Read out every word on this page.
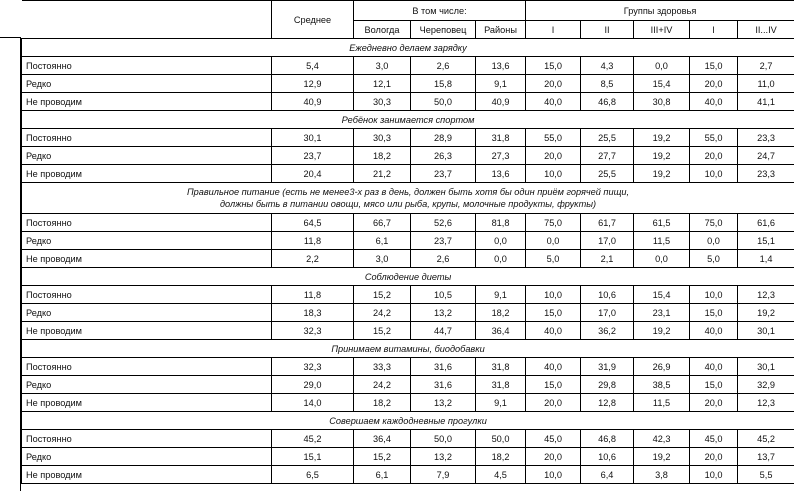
	Среднее	В том числе:			Группы здоровья				
		Вологда	Череповец	Районы	I	II	III+IV	I	II...IV
Ежедневно делаем зарядку									
Постоянно	5,4	3,0	2,6	13,6	15,0	4,3	0,0	15,0	2,7
Редко	12,9	12,1	15,8	9,1	20,0	8,5	15,4	20,0	11,0
Не проводим	40,9	30,3	50,0	40,9	40,0	46,8	30,8	40,0	41,1
Ребёнок занимается спортом									
Постоянно	30,1	30,3	28,9	31,8	55,0	25,5	19,2	55,0	23,3
Редко	23,7	18,2	26,3	27,3	20,0	27,7	19,2	20,0	24,7
Не проводим	20,4	21,2	23,7	13,6	10,0	25,5	19,2	10,0	23,3

Правильное питание (есть не менее3-х раз в день, должен быть хотя бы один приём горячей пищи,
должны быть в питании овощи, мясо или рыба, крупы, молочные продукты, фрукты)									

Постоянно	64,5	66,7	52,6	81,8	75,0	61,7	61,5	75,0	61,6
Редко	11,8	6,1	23,7	0,0	0,0	17,0	11,5	0,0	15,1
Не проводим	2,2	3,0	2,6	0,0	5,0	2,1	0,0	5,0	1,4
Соблюдение диеты									
Постоянно	11,8	15,2	10,5	9,1	10,0	10,6	15,4	10,0	12,3
Редко	18,3	24,2	13,2	18,2	15,0	17,0	23,1	15,0	19,2
Не проводим	32,3	15,2	44,7	36,4	40,0	36,2	19,2	40,0	30,1
Принимаем витамины, биодобавки									
Постоянно	32,3	33,3	31,6	31,8	40,0	31,9	26,9	40,0	30,1
Редко	29,0	24,2	31,6	31,8	15,0	29,8	38,5	15,0	32,9
Не проводим	14,0	18,2	13,2	9,1	20,0	12,8	11,5	20,0	12,3
Совершаем каждодневные прогулки									
Постоянно	45,2	36,4	50,0	50,0	45,0	46,8	42,3	45,0	45,2
Редко	15,1	15,2	13,2	18,2	20,0	10,6	19,2	20,0	13,7
Не проводим	6,5	6,1	7,9	4,5	10,0	6,4	3,8	10,0	5,5
